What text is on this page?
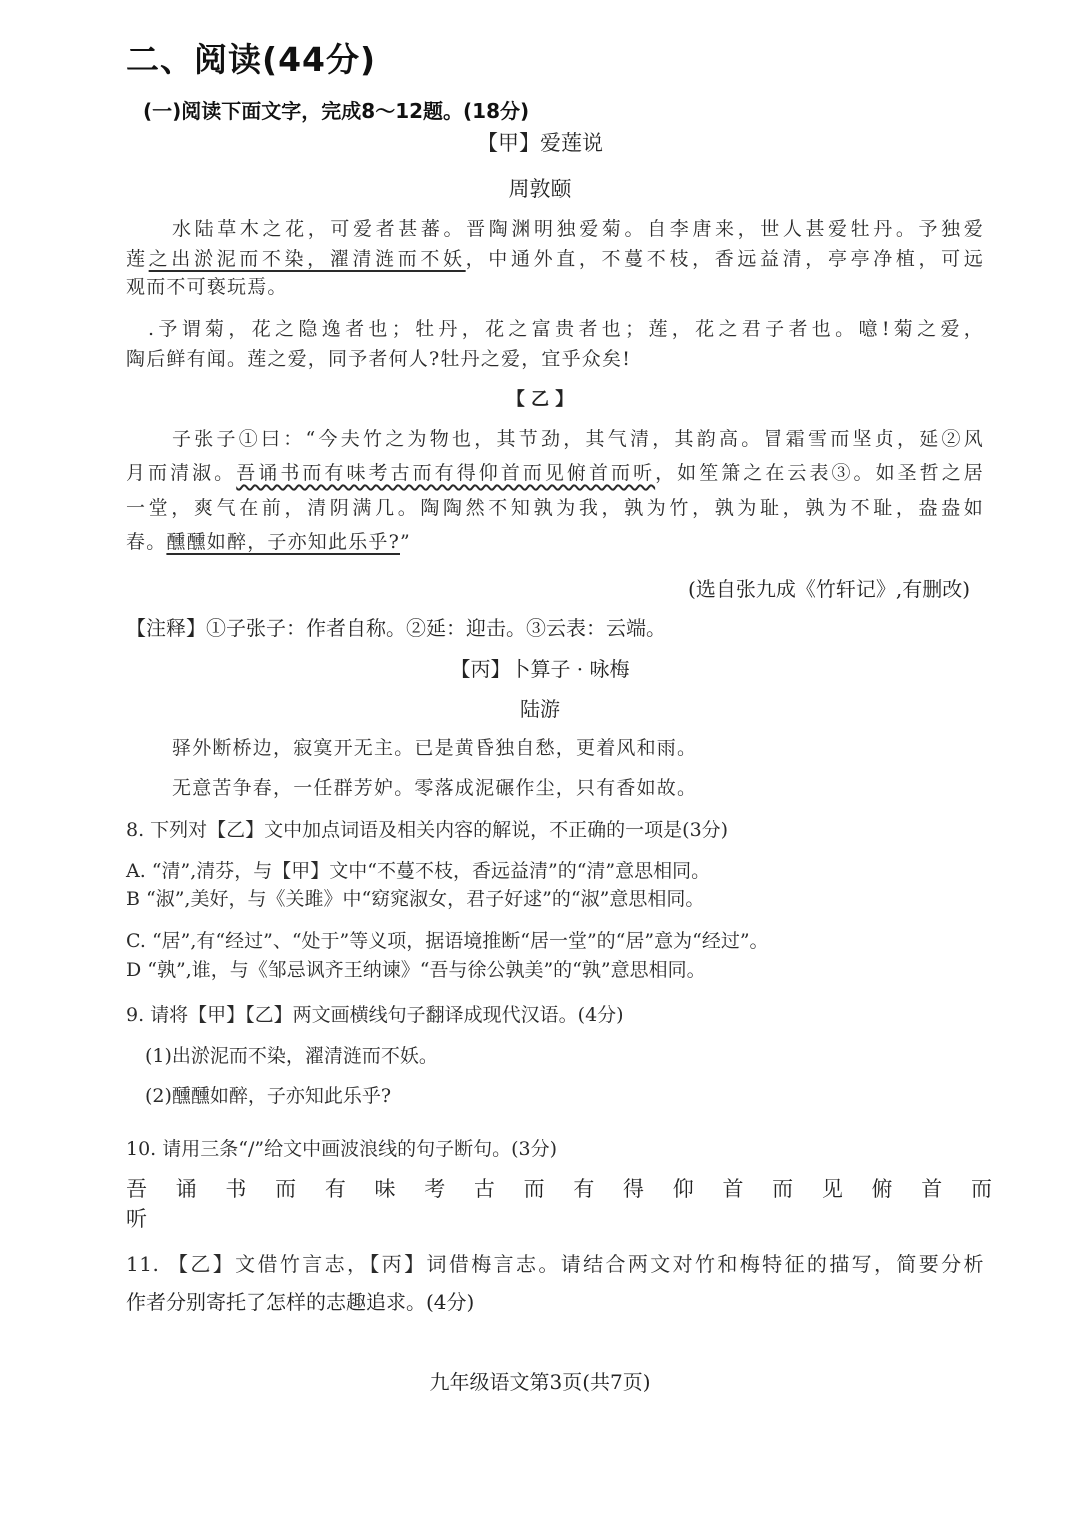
二、阅读(44分)
(一)阅读下面文字，完成8～12题。(18分)
【甲】爱莲说
周敦颐
水陆草木之花，可爱者甚蕃。晋陶渊明独爱菊。自李唐来，世人甚爱牡丹。予独爱
莲之出淤泥而不染，濯清涟而不妖，中通外直，不蔓不枝，香远益清，亭亭净植，可远
观而不可亵玩焉。
.予谓菊，花之隐逸者也；牡丹，花之富贵者也；莲，花之君子者也。噫!菊之爱，
陶后鲜有闻。莲之爱，同予者何人?牡丹之爱，宜乎众矣!
【 乙 】
子张子①曰：“今夫竹之为物也，其节劲，其气清，其韵高。冒霜雪而坚贞，延②风
月而清淑。吾诵书而有味考古而有得仰首而见俯首而听，如笙箫之在云表③。如圣哲之居
一堂，爽气在前，清阴满几。陶陶然不知孰为我，孰为竹，孰为耻，孰为不耻，盎盎如
春。醺醺如醉，子亦知此乐乎?”
(选自张九成《竹轩记》,有删改)
【注释】①子张子：作者自称。②延：迎击。③云表：云端。
【丙】卜算子 · 咏梅
陆游
驿外断桥边，寂寞开无主。已是黄昏独自愁，更着风和雨。
无意苦争春，一任群芳妒。零落成泥碾作尘，只有香如故。
8. 下列对【乙】文中加点词语及相关内容的解说，不正确的一项是(3分)
A. “清”,清芬，与【甲】文中“不蔓不枝，香远益清”的“清”意思相同。
B “淑”,美好，与《关雎》中“窈窕淑女，君子好逑”的“淑”意思相同。
C. “居”,有“经过”、“处于”等义项，据语境推断“居一堂”的“居”意为“经过”。
D “孰”,谁，与《邹忌讽齐王纳谏》“吾与徐公孰美”的“孰”意思相同。
9. 请将【甲】【乙】两文画横线句子翻译成现代汉语。(4分)
(1)出淤泥而不染，濯清涟而不妖。
(2)醺醺如醉，子亦知此乐乎?
10. 请用三条“/”给文中画波浪线的句子断句。(3分)
吾 诵 书 而 有 味 考 古 而 有 得 仰 首 而 见 俯 首 而
听
11. 【乙】文借竹言志，【丙】词借梅言志。请结合两文对竹和梅特征的描写，简要分析
作者分别寄托了怎样的志趣追求。(4分)
九年级语文第3页(共7页)
